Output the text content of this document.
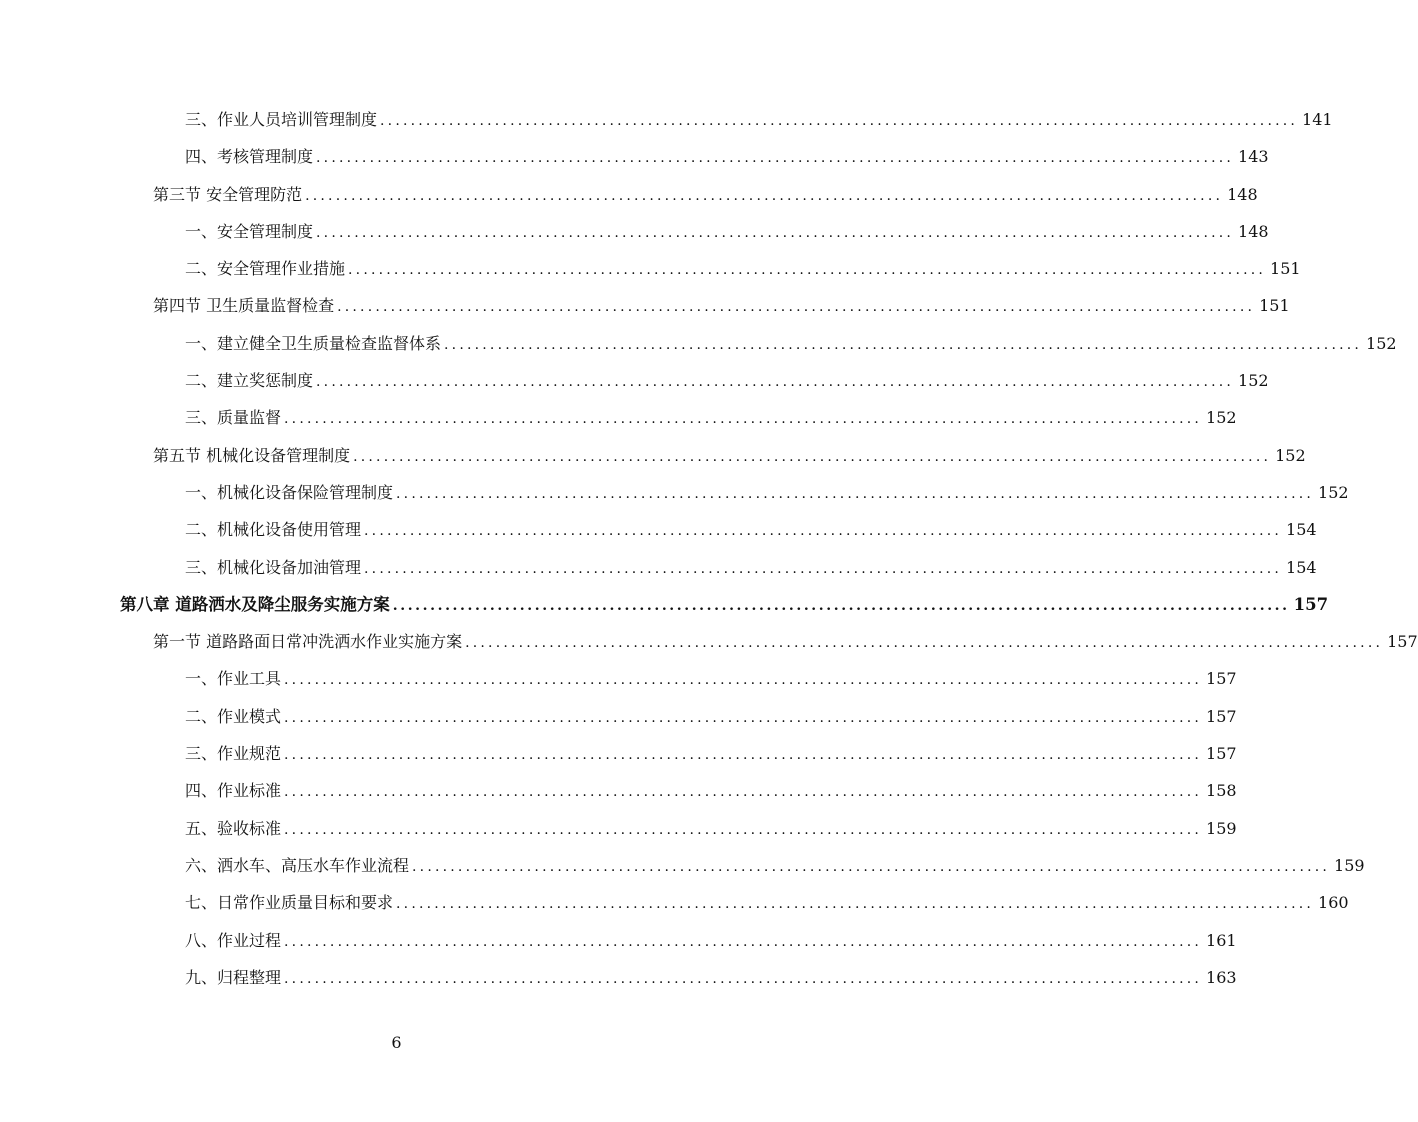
三、作业人员培训管理制度 ........................................................................................................................ 141
四、考核管理制度 ........................................................................................................................ 143
第三节 安全管理防范 ........................................................................................................................ 148
一、安全管理制度 ........................................................................................................................ 148
二、安全管理作业措施 ........................................................................................................................ 151
第四节 卫生质量监督检查 ........................................................................................................................ 151
一、建立健全卫生质量检查监督体系 ........................................................................................................................ 152
二、建立奖惩制度 ........................................................................................................................ 152
三、质量监督 ........................................................................................................................ 152
第五节 机械化设备管理制度 ........................................................................................................................ 152
一、机械化设备保险管理制度 ........................................................................................................................ 152
二、机械化设备使用管理 ........................................................................................................................ 154
三、机械化设备加油管理 ........................................................................................................................ 154
第八章 道路洒水及降尘服务实施方案 ........................................................................................................................ 157
第一节 道路路面日常冲洗洒水作业实施方案 ........................................................................................................................ 157
一、作业工具 ........................................................................................................................ 157
二、作业模式 ........................................................................................................................ 157
三、作业规范 ........................................................................................................................ 157
四、作业标准 ........................................................................................................................ 158
五、验收标准 ........................................................................................................................ 159
六、洒水车、高压水车作业流程 ........................................................................................................................ 159
七、日常作业质量目标和要求 ........................................................................................................................ 160
八、作业过程 ........................................................................................................................ 161
九、归程整理 ........................................................................................................................ 163
6
